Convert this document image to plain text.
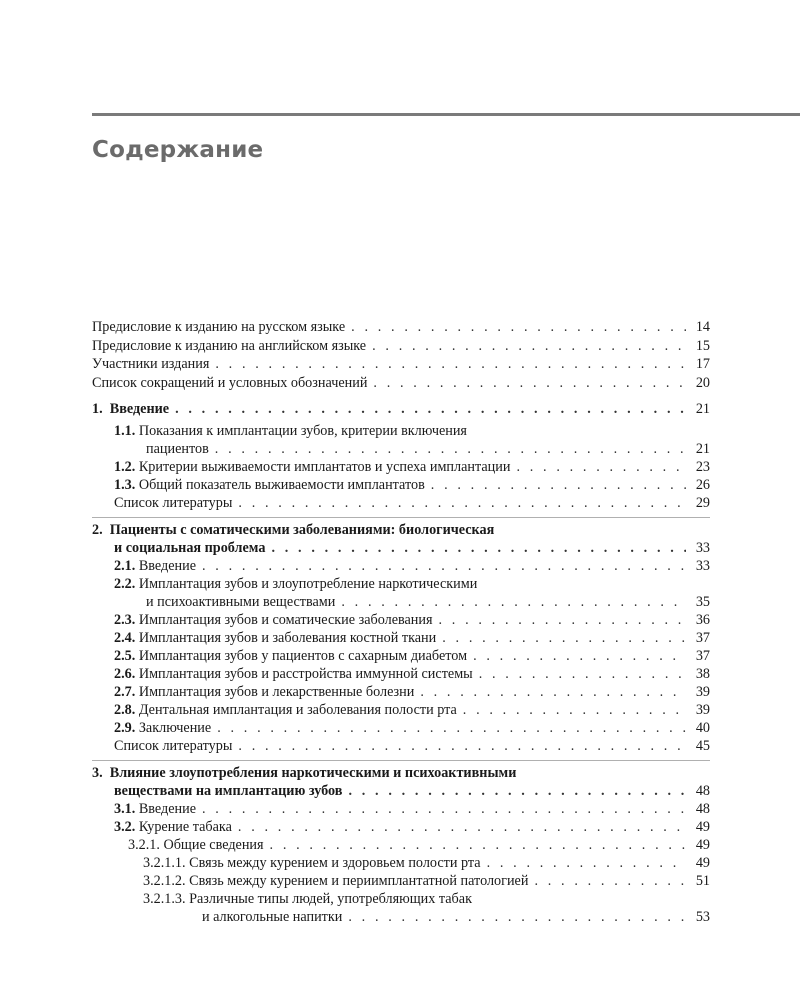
Содержание
Предисловие к изданию на русском языке . . .	14
Предисловие к изданию на английском языке . . .	15
Участники издания . . .	17
Список сокращений и условных обозначений . . .	20
1. Введение . . .	21
1.1. Показания к имплантации зубов, критерии включения
пациентов . . .	21
1.2. Критерии выживаемости имплантатов и успеха имплантации . . .	23
1.3. Общий показатель выживаемости имплантатов . . .	26
Список литературы . . .	29
2. Пациенты с соматическими заболеваниями: биологическая
и социальная проблема . . .	33
2.1. Введение . . .	33
2.2. Имплантация зубов и злоупотребление наркотическими
и психоактивными веществами . . .	35
2.3. Имплантация зубов и соматические заболевания . . .	36
2.4. Имплантация зубов и заболевания костной ткани . . .	37
2.5. Имплантация зубов у пациентов с сахарным диабетом . . .	37
2.6. Имплантация зубов и расстройства иммунной системы . . .	38
2.7. Имплантация зубов и лекарственные болезни . . .	39
2.8. Дентальная имплантация и заболевания полости рта . . .	39
2.9. Заключение . . .	40
Список литературы . . .	45
3. Влияние злоупотребления наркотическими и психоактивными
веществами на имплантацию зубов . . .	48
3.1. Введение . . .	48
3.2. Курение табака . . .	49
3.2.1. Общие сведения . . .	49
3.2.1.1. Связь между курением и здоровьем полости рта . . .	49
3.2.1.2. Связь между курением и периимплантатной патологией . . .	51
3.2.1.3. Различные типы людей, употребляющих табак
и алкогольные напитки . . .	53
